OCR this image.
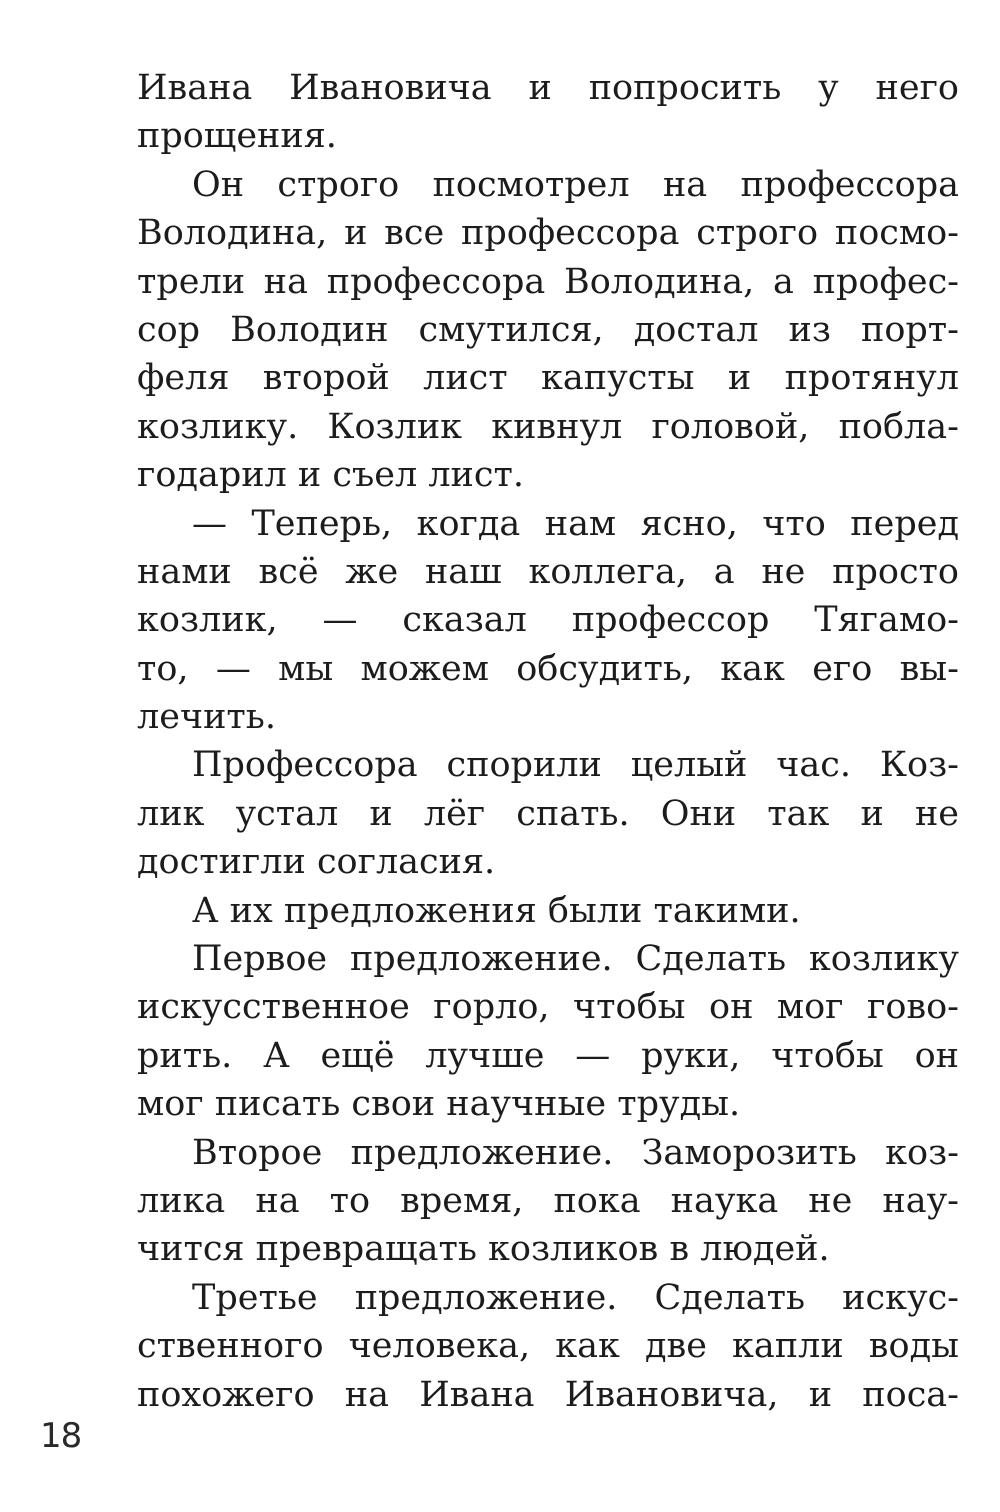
Ивана Ивановича и попросить у него
прощения.
Он строго посмотрел на профессора
Володина, и все профессора строго посмо-
трели на профессора Володина, а профес-
сор Володин смутился, достал из порт-
феля второй лист капусты и протянул
козлику. Козлик кивнул головой, побла-
годарил и съел лист.
— Теперь, когда нам ясно, что перед
нами всё же наш коллега, а не просто
козлик, — сказал профессор Тягамо-
то, — мы можем обсудить, как его вы-
лечить.
Профессора спорили целый час. Коз-
лик устал и лёг спать. Они так и не
достигли согласия.
А их предложения были такими.
Первое предложение. Сделать козлику
искусственное горло, чтобы он мог гово-
рить. А ещё лучше — руки, чтобы он
мог писать свои научные труды.
Второе предложение. Заморозить коз-
лика на то время, пока наука не нау-
чится превращать козликов в людей.
Третье предложение. Сделать искус-
ственного человека, как две капли воды
похожего на Ивана Ивановича, и поса-
18
